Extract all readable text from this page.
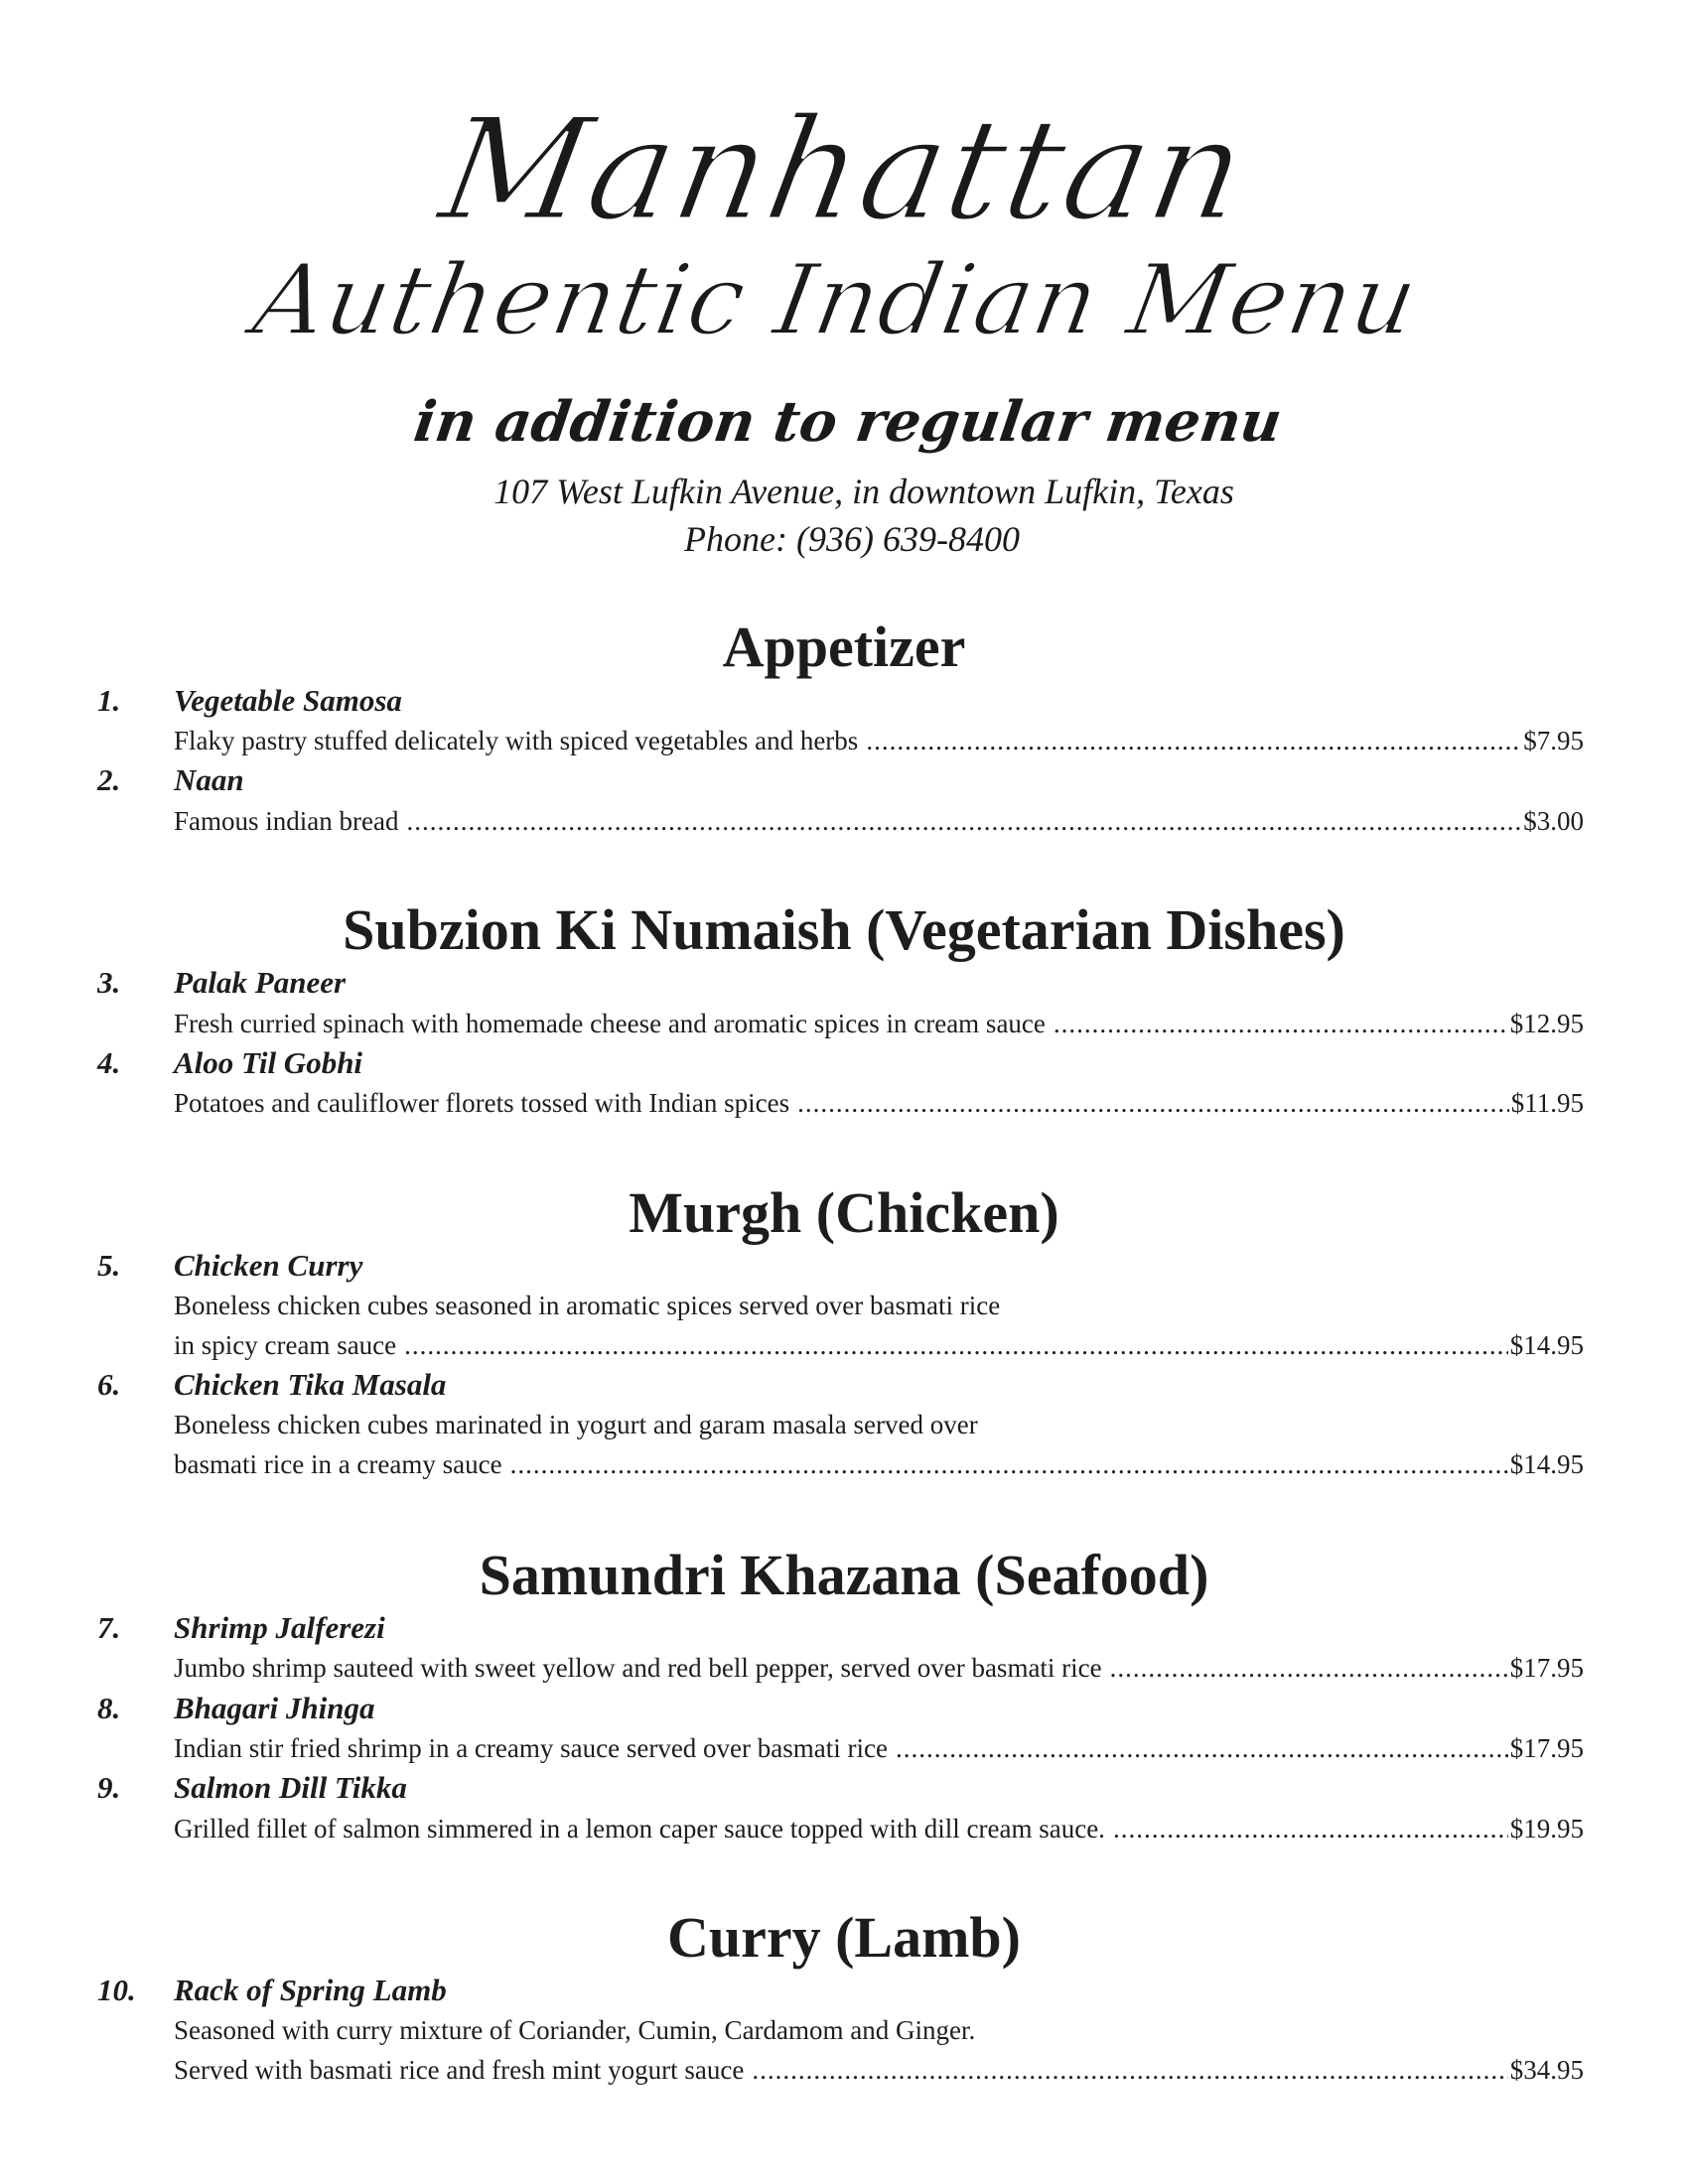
Manhattan
Authentic Indian Menu
in addition to regular menu
107 West Lufkin Avenue, in downtown Lufkin, Texas
Phone: (936) 639-8400
Appetizer
1.	Vegetable Samosa
Flaky pastry stuffed delicately with spiced vegetables and herbs .....	$7.95
2.	Naan
Famous indian bread .....	$3.00
Subzion Ki Numaish (Vegetarian Dishes)
3.	Palak Paneer
Fresh curried spinach with homemade cheese and aromatic spices in cream sauce .....	$12.95
4.	Aloo Til Gobhi
Potatoes and cauliflower florets tossed with Indian spices .....	$11.95
Murgh (Chicken)
5.	Chicken Curry
Boneless chicken cubes seasoned in aromatic spices served over basmati rice
in spicy cream sauce .....	$14.95
6.	Chicken Tika Masala
Boneless chicken cubes marinated in yogurt and garam masala served over
basmati rice in a creamy sauce .....	$14.95
Samundri Khazana (Seafood)
7.	Shrimp Jalferezi
Jumbo shrimp sauteed with sweet yellow and red bell pepper, served over basmati rice .....	$17.95
8.	Bhagari Jhinga
Indian stir fried shrimp in a creamy sauce served over basmati rice .....	$17.95
9.	Salmon Dill Tikka
Grilled fillet of salmon simmered in a lemon caper sauce topped with dill cream sauce. .....	$19.95
Curry (Lamb)
10.	Rack of Spring Lamb
Seasoned with curry mixture of Coriander, Cumin, Cardamom and Ginger.
Served with basmati rice and fresh mint yogurt sauce .....	$34.95
